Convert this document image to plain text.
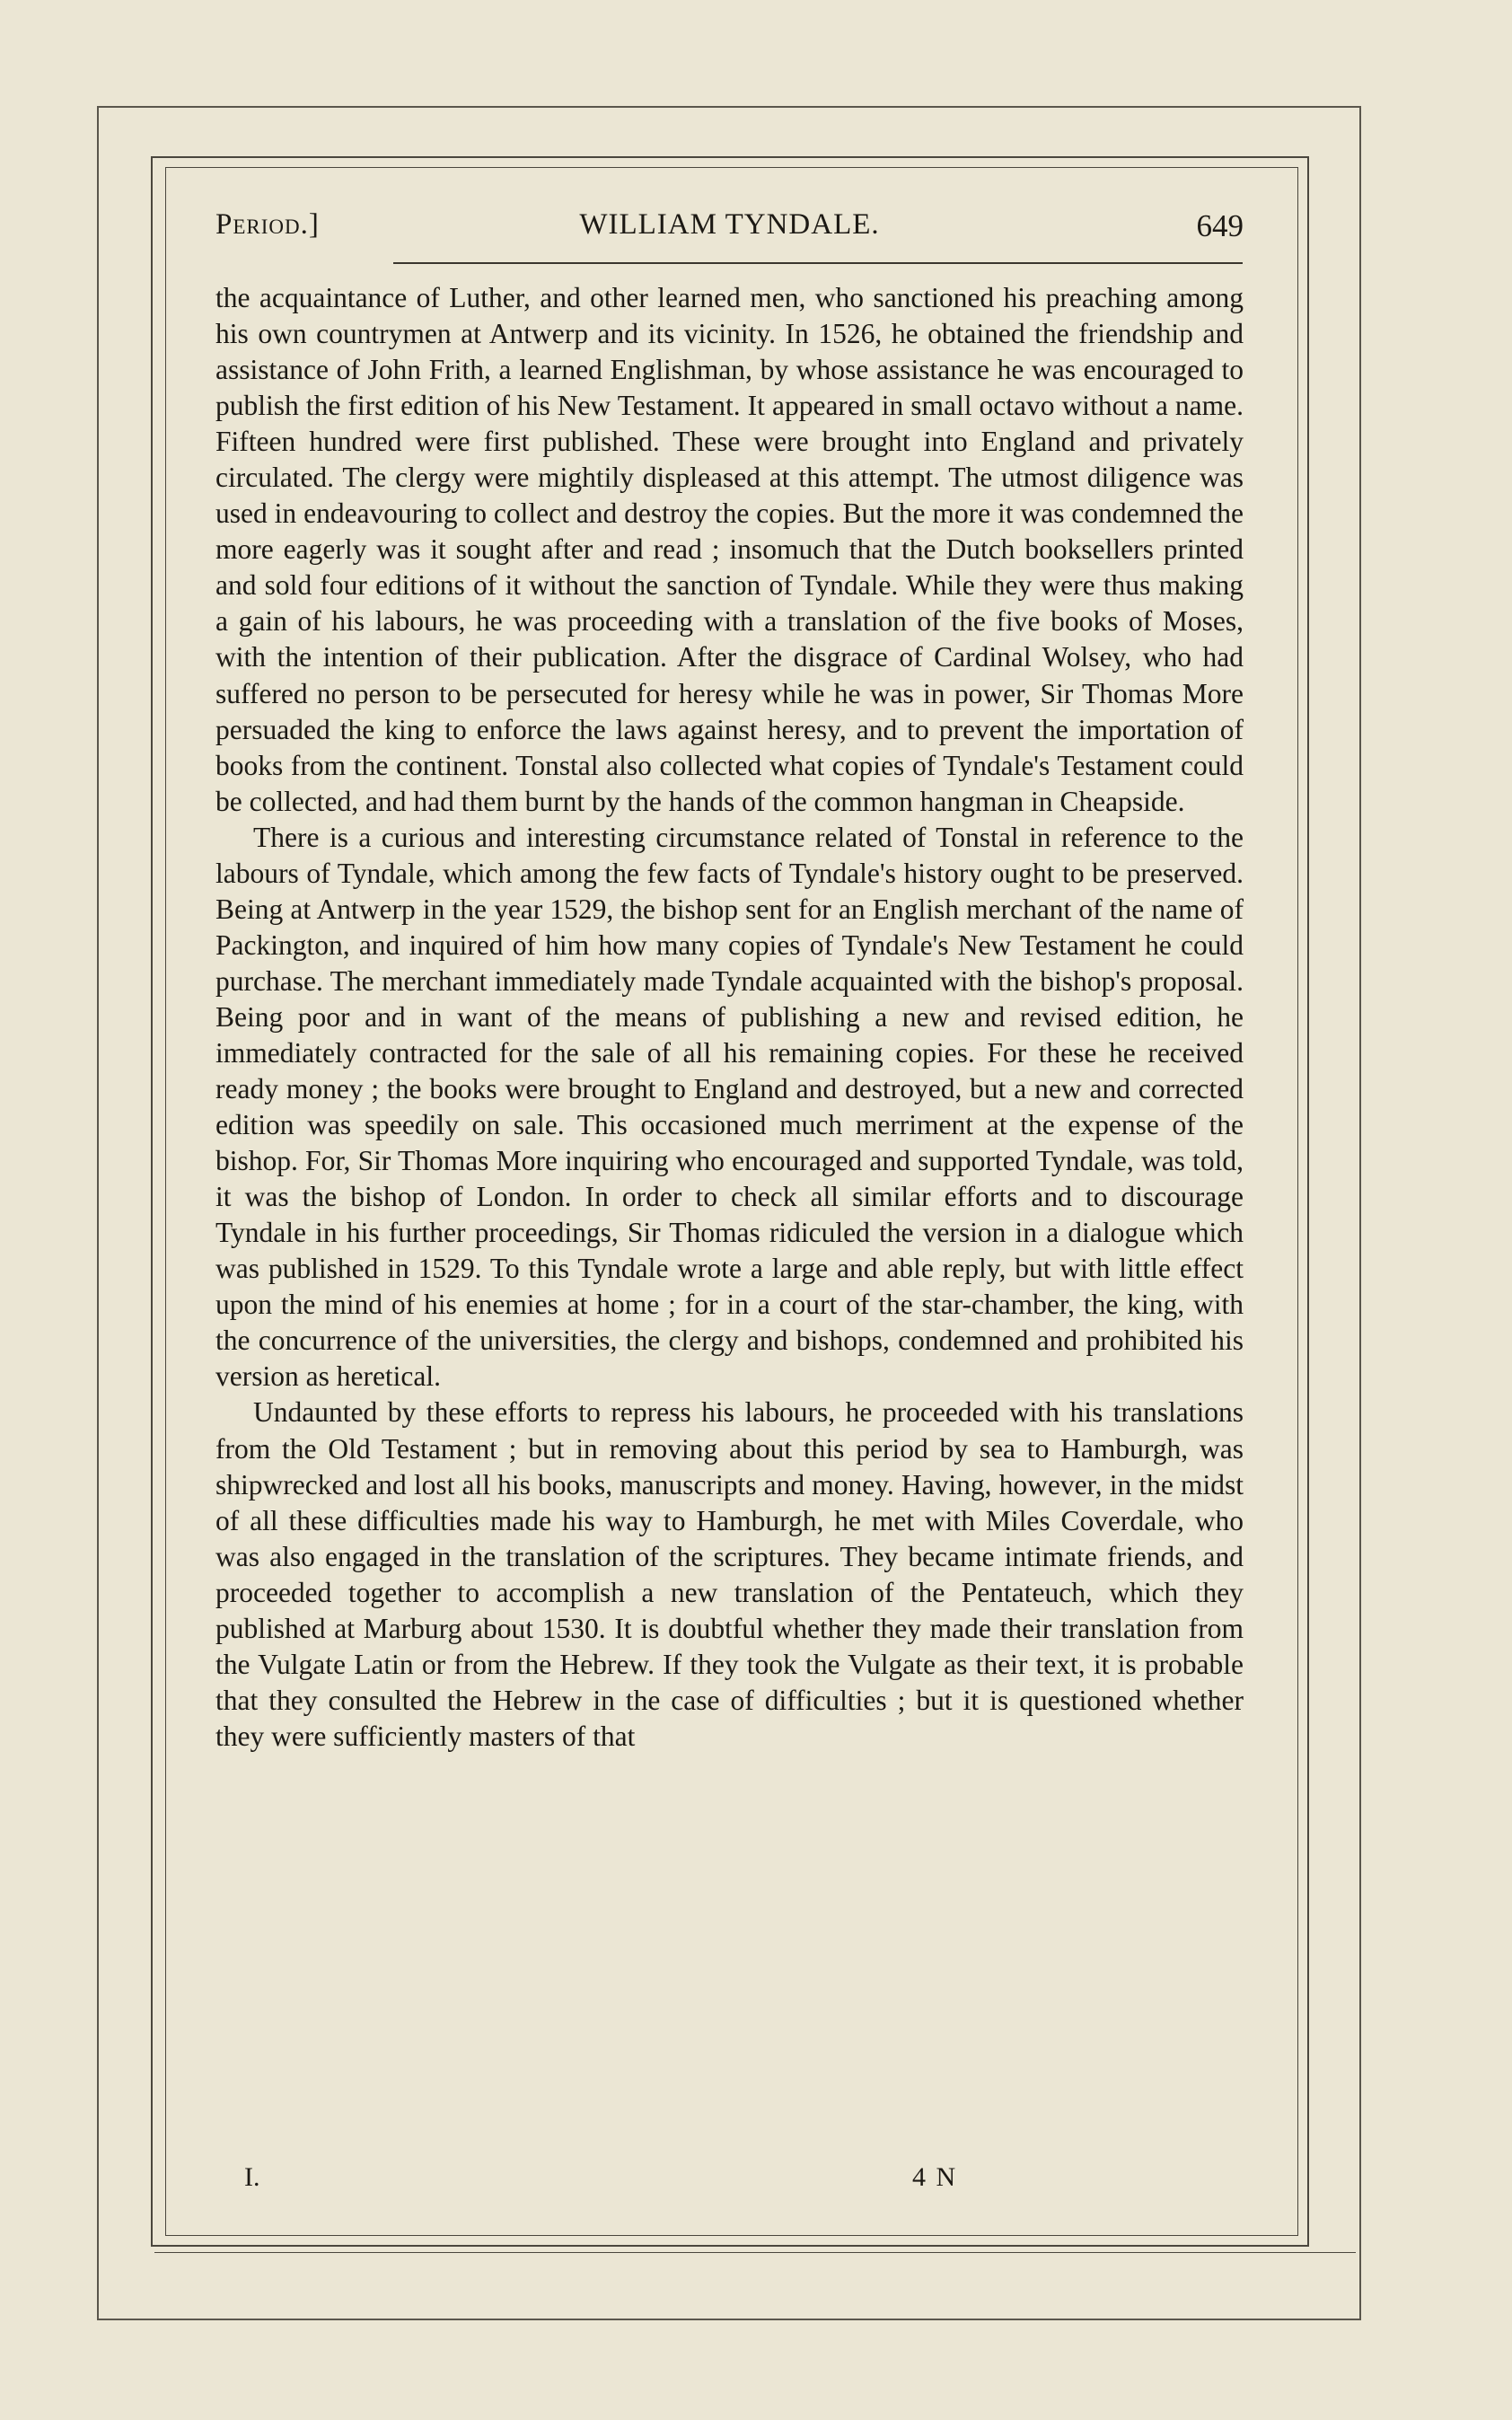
Period.]	WILLIAM TYNDALE.	649

the acquaintance of Luther, and other learned men, who sanctioned his preaching among his own countrymen at Antwerp and its vicinity. In 1526, he obtained the friendship and assistance of John Frith, a learned Englishman, by whose assistance he was encouraged to publish the first edition of his New Testament. It appeared in small octavo without a name. Fifteen hundred were first published. These were brought into England and privately circulated. The clergy were mightily displeased at this attempt. The utmost diligence was used in endeavouring to collect and destroy the copies. But the more it was condemned the more eagerly was it sought after and read ; insomuch that the Dutch booksellers printed and sold four editions of it without the sanction of Tyndale. While they were thus making a gain of his labours, he was proceeding with a translation of the five books of Moses, with the intention of their publication. After the disgrace of Cardinal Wolsey, who had suffered no person to be persecuted for heresy while he was in power, Sir Thomas More persuaded the king to enforce the laws against heresy, and to prevent the importation of books from the continent. Tonstal also collected what copies of Tyndale's Testament could be collected, and had them burnt by the hands of the common hangman in Cheapside.

There is a curious and interesting circumstance related of Tonstal in reference to the labours of Tyndale, which among the few facts of Tyndale's history ought to be preserved. Being at Antwerp in the year 1529, the bishop sent for an English merchant of the name of Packington, and inquired of him how many copies of Tyndale's New Testament he could purchase. The merchant immediately made Tyndale acquainted with the bishop's proposal. Being poor and in want of the means of publishing a new and revised edition, he immediately contracted for the sale of all his remaining copies. For these he received ready money ; the books were brought to England and destroyed, but a new and corrected edition was speedily on sale. This occasioned much merriment at the expense of the bishop. For, Sir Thomas More inquiring who encouraged and supported Tyndale, was told, it was the bishop of London. In order to check all similar efforts and to discourage Tyndale in his further proceedings, Sir Thomas ridiculed the version in a dialogue which was published in 1529. To this Tyndale wrote a large and able reply, but with little effect upon the mind of his enemies at home ; for in a court of the star-chamber, the king, with the concurrence of the universities, the clergy and bishops, condemned and prohibited his version as heretical.

Undaunted by these efforts to repress his labours, he proceeded with his translations from the Old Testament ; but in removing about this period by sea to Hamburgh, was shipwrecked and lost all his books, manuscripts and money. Having, however, in the midst of all these difficulties made his way to Hamburgh, he met with Miles Coverdale, who was also engaged in the translation of the scriptures. They became intimate friends, and proceeded together to accomplish a new translation of the Pentateuch, which they published at Marburg about 1530. It is doubtful whether they made their translation from the Vulgate Latin or from the Hebrew. If they took the Vulgate as their text, it is probable that they consulted the Hebrew in the case of difficulties ; but it is questioned whether they were sufficiently masters of that

I.	4 N
